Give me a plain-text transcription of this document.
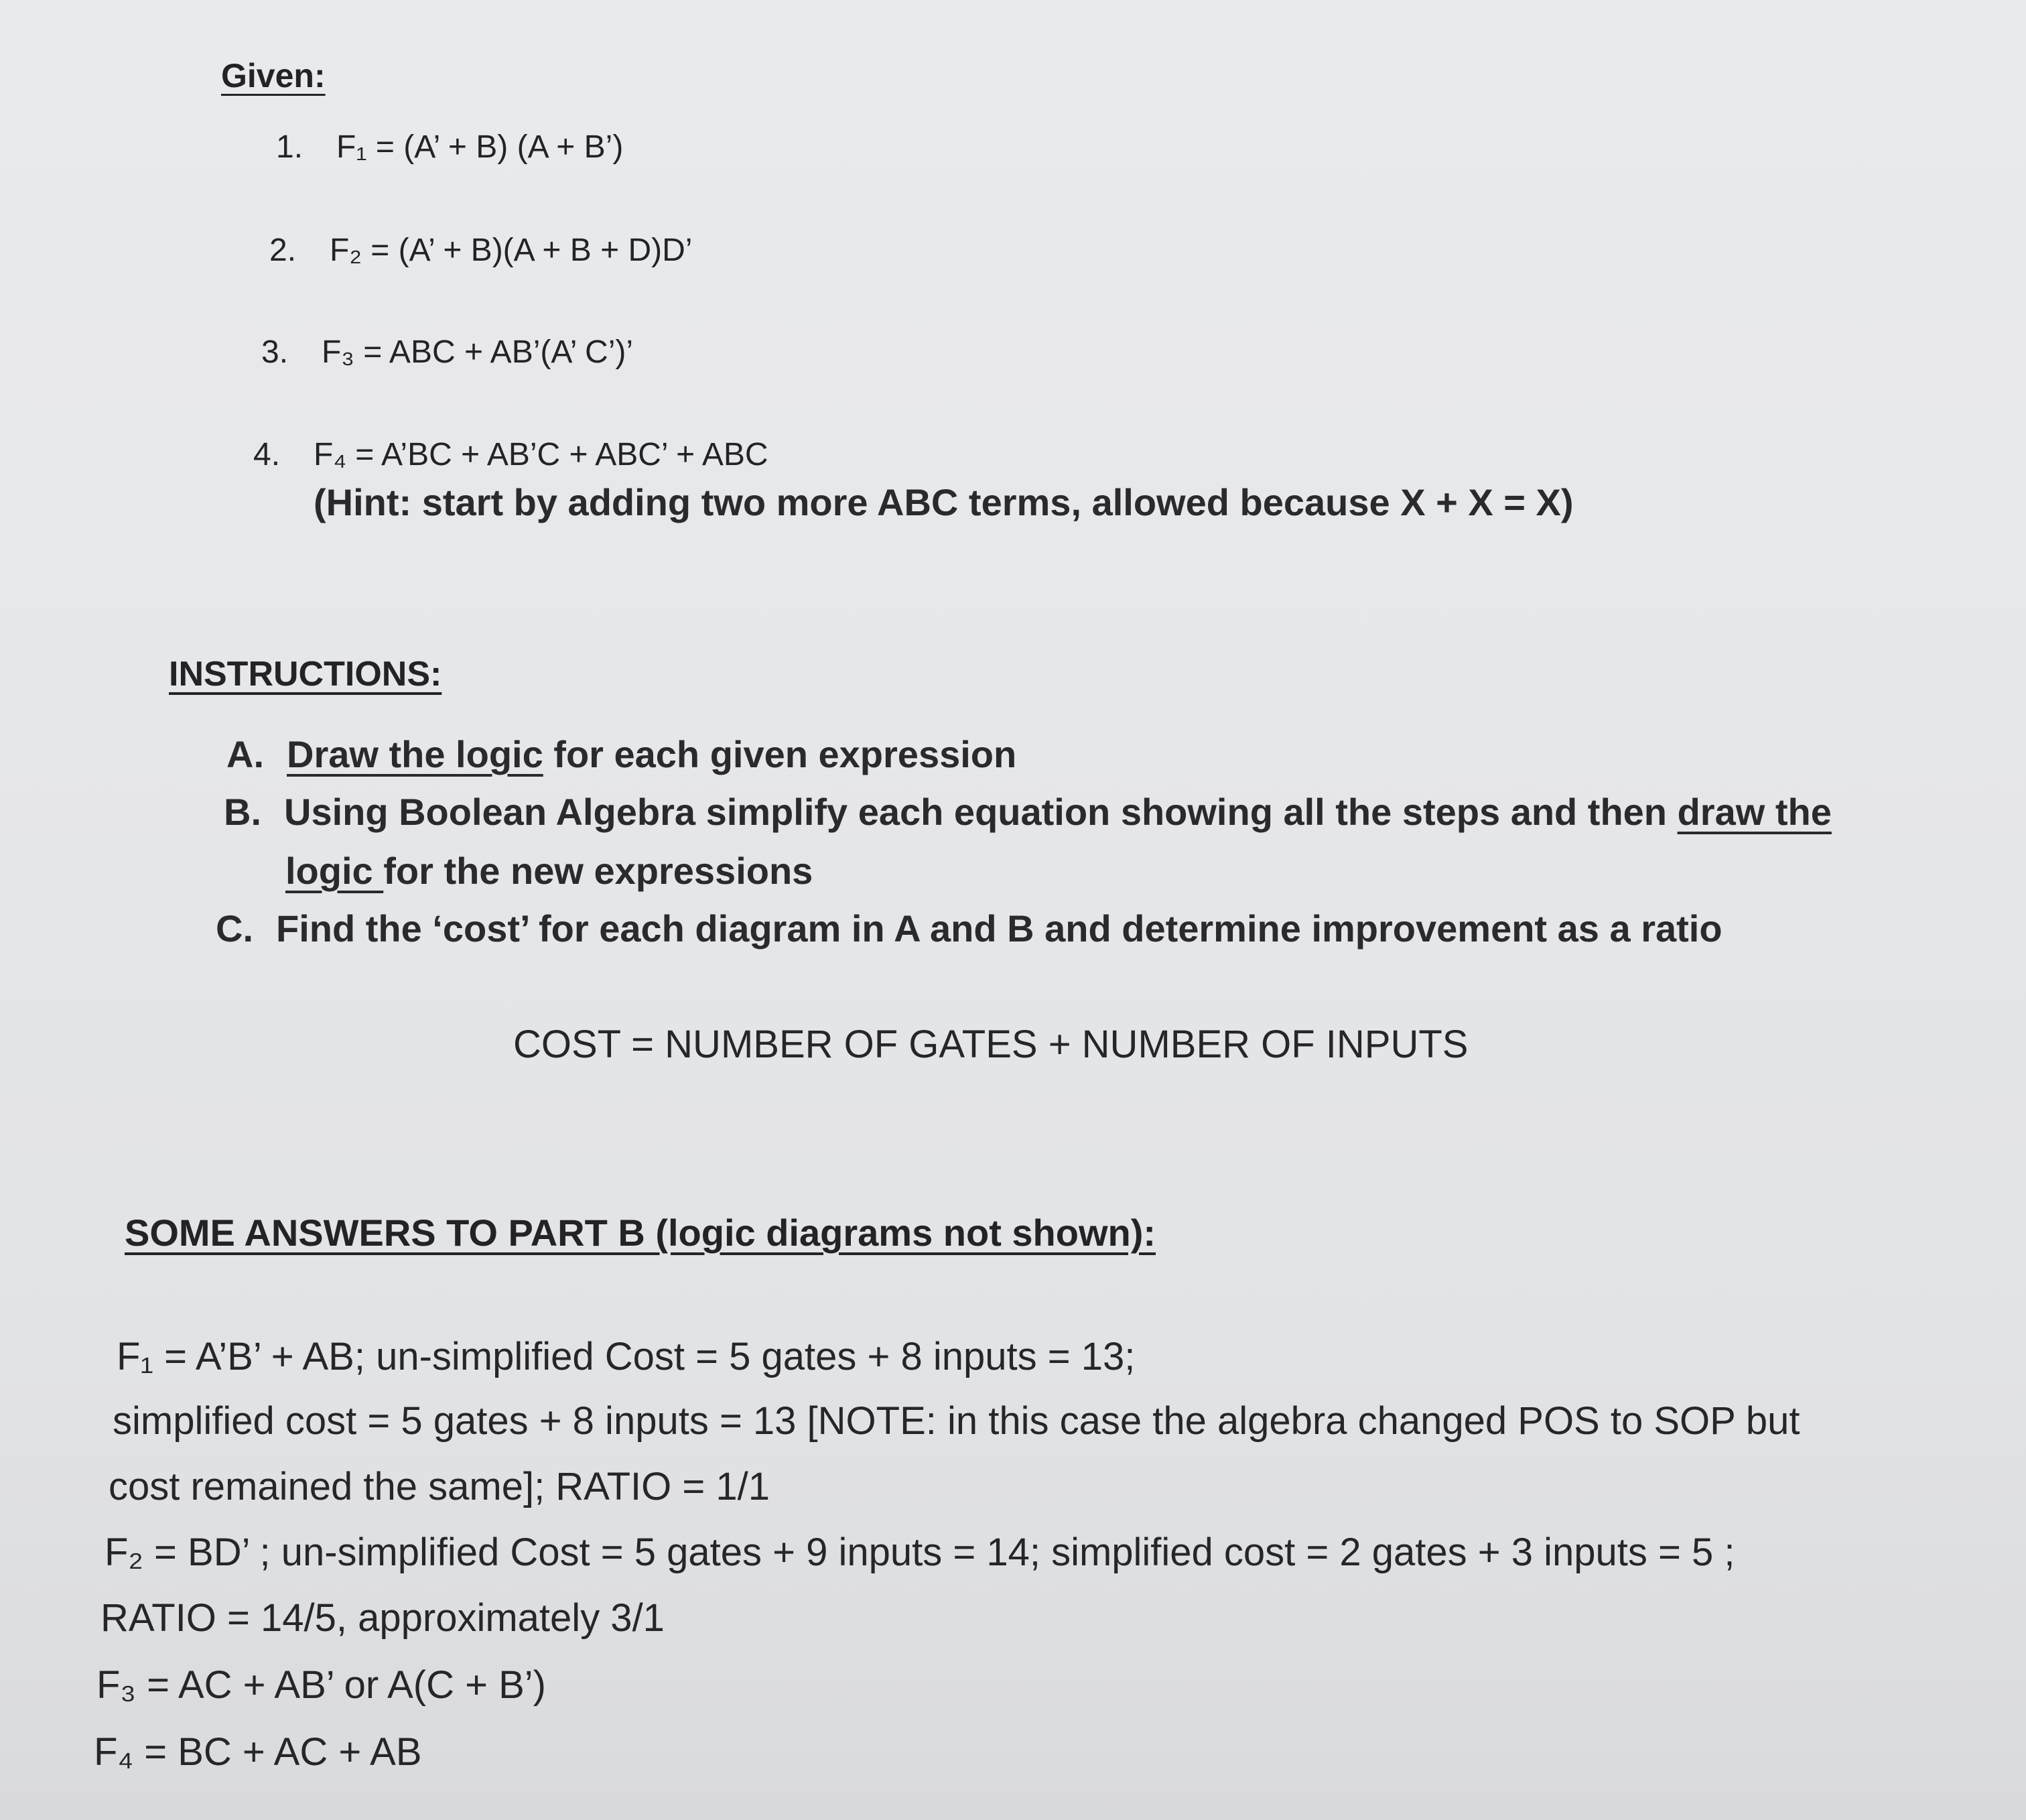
Given:
1. F₁ = (A’ + B) (A + B’)
2. F₂ = (A’ + B)(A + B + D)D’
3. F₃ = ABC + AB’(A’ C’)’
4. F₄ = A’BC + AB’C + ABC’ + ABC
(Hint: start by adding two more ABC terms, allowed because X + X = X)
INSTRUCTIONS:
A. Draw the logic for each given expression
B. Using Boolean Algebra simplify each equation showing all the steps and then draw the
logic for the new expressions
C. Find the ‘cost’ for each diagram in A and B and determine improvement as a ratio
COST = NUMBER OF GATES + NUMBER OF INPUTS
SOME ANSWERS TO PART B (logic diagrams not shown):
F₁ = A’B’ + AB; un-simplified Cost = 5 gates + 8 inputs = 13;
simplified cost = 5 gates + 8 inputs = 13 [NOTE: in this case the algebra changed POS to SOP but
cost remained the same]; RATIO = 1/1
F₂ = BD’ ; un-simplified Cost = 5 gates + 9 inputs = 14; simplified cost = 2 gates + 3 inputs = 5 ;
RATIO = 14/5, approximately 3/1
F₃ = AC + AB’ or A(C + B’)
F₄ = BC + AC + AB
